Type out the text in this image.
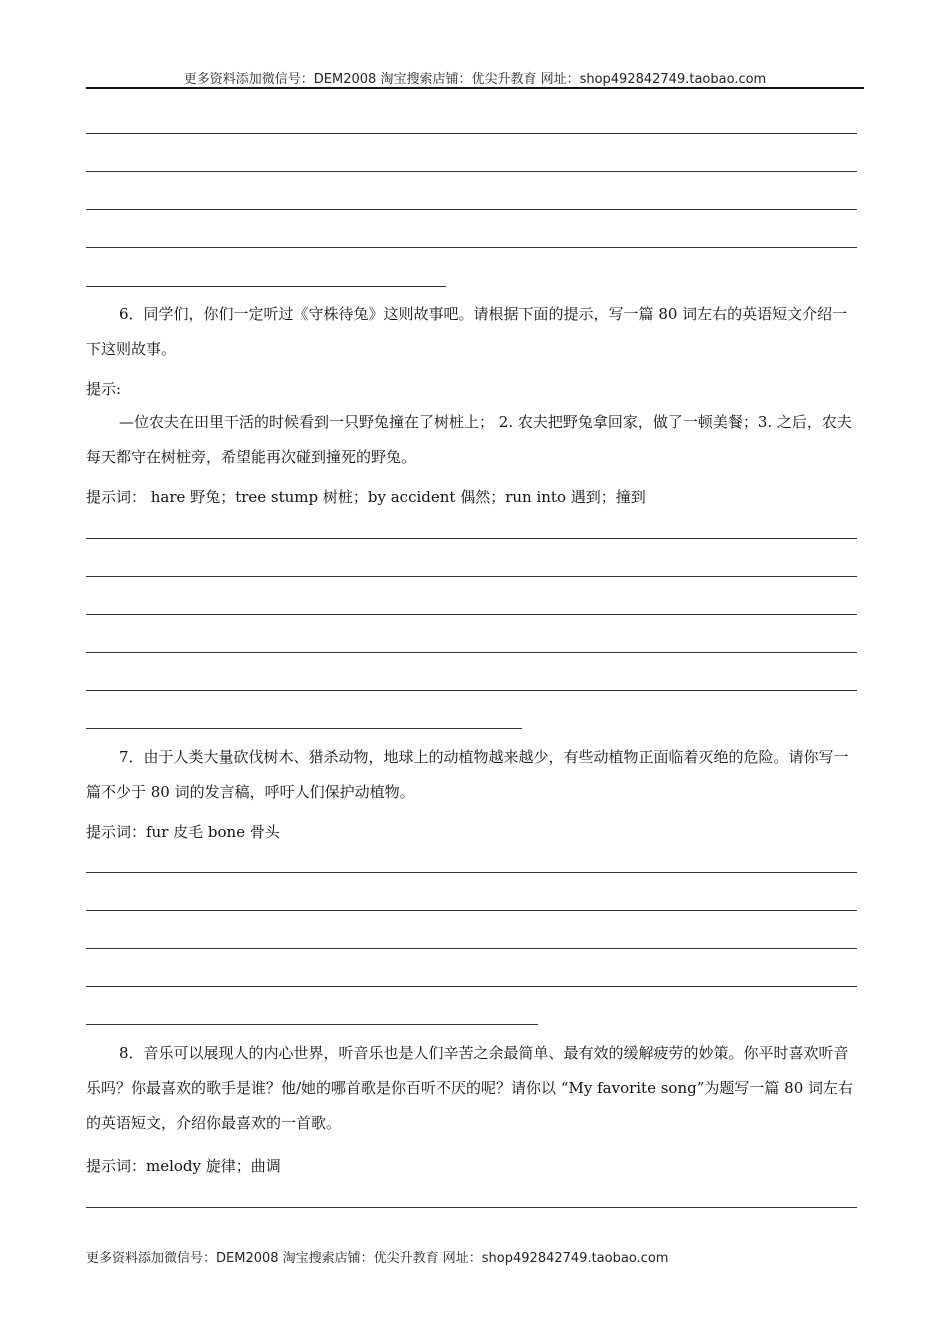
更多资料添加微信号：DEM2008 淘宝搜索店铺：优尖升教育 网址：shop492842749.taobao.com

6．同学们，你们一定听过《守株待兔》这则故事吧。请根据下面的提示，写一篇 80 词左右的英语短文介绍一下这则故事。

提示:

—位农夫在田里干活的时候看到一只野兔撞在了树桩上； 2. 农夫把野兔拿回家，做了一顿美餐；3. 之后，农夫每天都守在树桩旁，希望能再次碰到撞死的野兔。

提示词： hare 野兔；tree stump 树桩；by accident 偶然；run into 遇到；撞到

7．由于人类大量砍伐树木、猎杀动物，地球上的动植物越来越少，有些动植物正面临着灭绝的危险。请你写一篇不少于 80 词的发言稿，呼吁人们保护动植物。

提示词：fur 皮毛 bone 骨头

8．音乐可以展现人的内心世界，听音乐也是人们辛苦之余最简单、最有效的缓解疲劳的妙策。你平时喜欢听音乐吗？你最喜欢的歌手是谁？他/她的哪首歌是你百听不厌的呢？请你以 “My favorite song”为题写一篇 80 词左右的英语短文，介绍你最喜欢的一首歌。

提示词：melody 旋律；曲调
更多资料添加微信号：DEM2008 淘宝搜索店铺：优尖升教育 网址：shop492842749.taobao.com
